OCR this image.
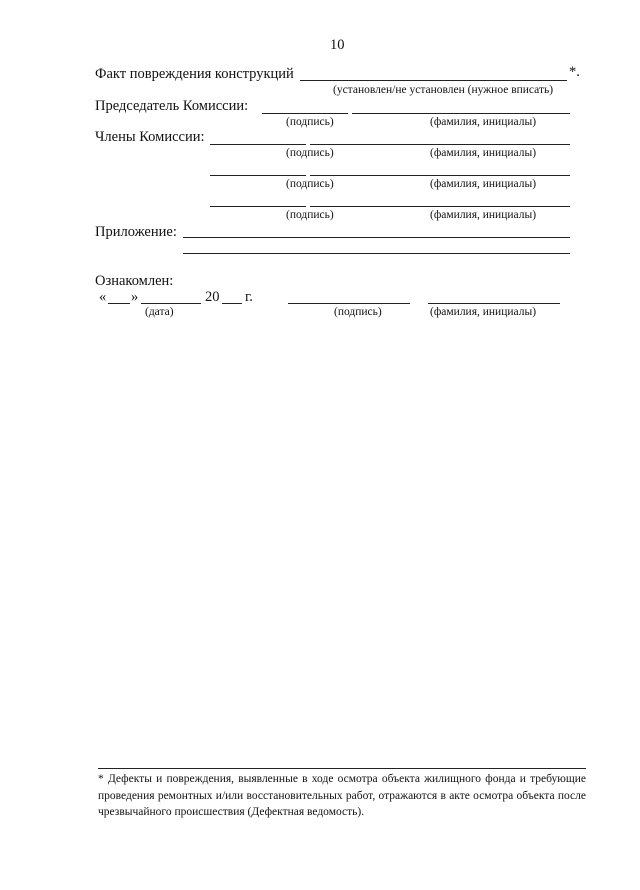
10
Факт повреждения конструкций	*.
(установлен/не установлен (нужное вписать)
Председатель Комиссии:
(подпись)	(фамилия, инициалы)
Члены Комиссии:
(подпись)	(фамилия, инициалы)
(подпись)	(фамилия, инициалы)
(подпись)	(фамилия, инициалы)
Приложение:
Ознакомлен:
« »	20 г.
(дата)	(подпись)	(фамилия, инициалы)
* Дефекты и повреждения, выявленные в ходе осмотра объекта жилищного фонда и требующие проведения ремонтных и/или восстановительных работ, отражаются в акте осмотра объекта после чрезвычайного происшествия (Дефектная ведомость).
